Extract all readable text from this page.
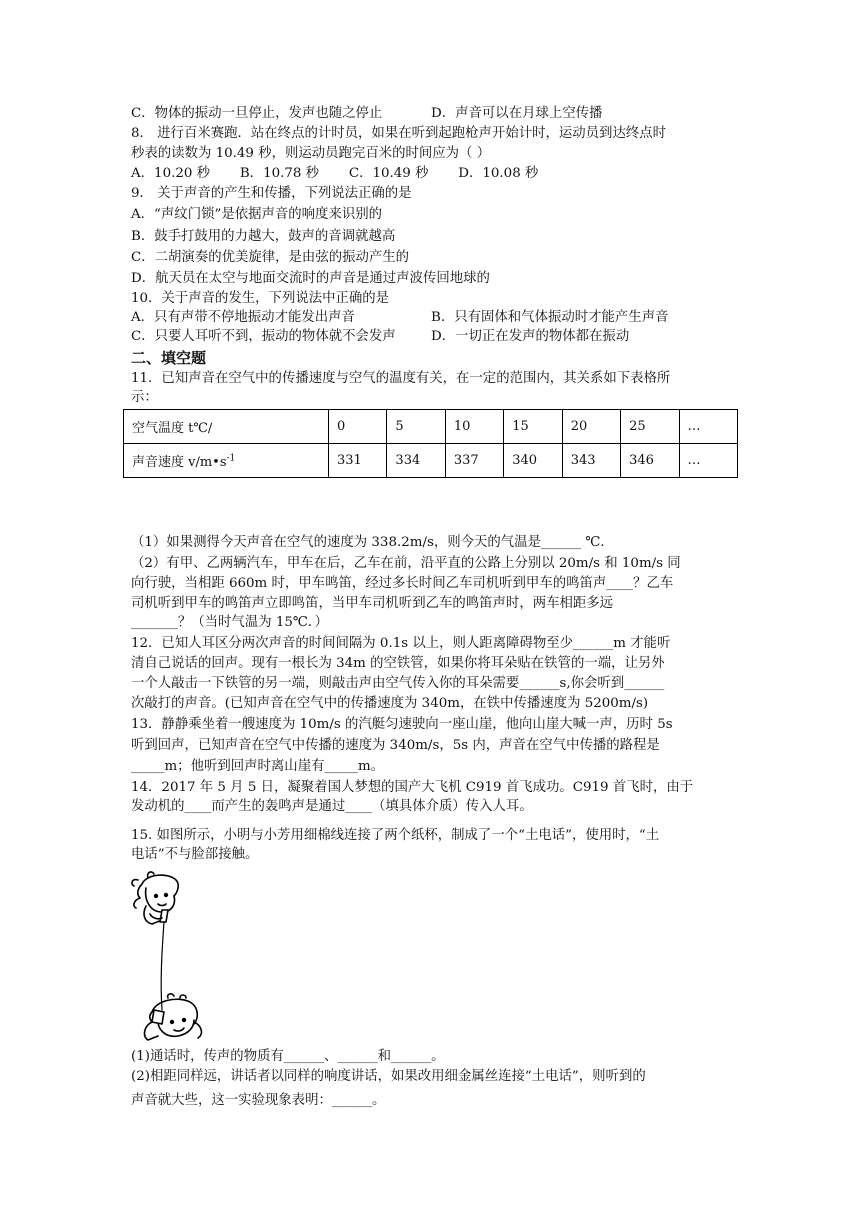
C．物体的振动一旦停止，发声也随之停止	D．声音可以在月球上空传播
8． 进行百米赛跑．站在终点的计时员，如果在听到起跑枪声开始计时，运动员到达终点时
秒表的读数为 10.49 秒，则运动员跑完百米的时间应为（ ）
A．10.20 秒       B．10.78 秒       C．10.49 秒       D．10.08 秒
9． 关于声音的产生和传播，下列说法正确的是
A．“声纹门锁”是依据声音的响度来识别的
B．鼓手打鼓用的力越大，鼓声的音调就越高
C．二胡演奏的优美旋律，是由弦的振动产生的
D．航天员在太空与地面交流时的声音是通过声波传回地球的
10．关于声音的发生，下列说法中正确的是
A．只有声带不停地振动才能发出声音	B．只有固体和气体振动时才能产生声音
C．只要人耳听不到，振动的物体就不会发声	D．一切正在发声的物体都在振动
二、填空题
11．已知声音在空气中的传播速度与空气的温度有关，在一定的范围内，其关系如下表格所
示：
空气温度 t℃/	0	5	10	15	20	25	…
声音速度 $v/m•s^{-1}$	331	334	337	340	343	346	…
（1）如果测得今天声音在空气的速度为 338.2m/s，则今天的气温是______ ℃．
（2）有甲、乙两辆汽车，甲车在后，乙车在前，沿平直的公路上分别以 20m/s 和 10m/s 同
向行驶，当相距 660m 时，甲车鸣笛，经过多长时间乙车司机听到甲车的鸣笛声____？乙车
司机听到甲车的鸣笛声立即鸣笛，当甲车司机听到乙车的鸣笛声时，两车相距多远
_______？（当时气温为 15℃．）
12．已知人耳区分两次声音的时间间隔为 0.1s 以上，则人距离障碍物至少______m 才能听
清自己说话的回声。现有一根长为 34m 的空铁管，如果你将耳朵贴在铁管的一端，让另外
一个人敲击一下铁管的另一端，则敲击声由空气传入你的耳朵需要______s,你会听到______
次敲打的声音。(已知声音在空气中的传播速度为 340m，在铁中传播速度为 5200m/s)
13．静静乘坐着一艘速度为 10m/s 的汽艇匀速驶向一座山崖，他向山崖大喊一声，历时 5s
听到回声，已知声音在空气中传播的速度为 340m/s，5s 内，声音在空气中传播的路程是
_____m；他听到回声时离山崖有_____m。
14．2017 年 5 月 5 日，凝聚着国人梦想的国产大飞机 C919 首飞成功。C919 首飞时，由于
发动机的____而产生的轰鸣声是通过____（填具体介质）传入人耳。
15. 如图所示，小明与小芳用细棉线连接了两个纸杯，制成了一个“土电话”，使用时，“土
电话”不与脸部接触。
(1)通话时，传声的物质有______、______和______。
(2)相距同样远，讲话者以同样的响度讲话，如果改用细金属丝连接“土电话”，则听到的
声音就大些，这一实验现象表明：______。
